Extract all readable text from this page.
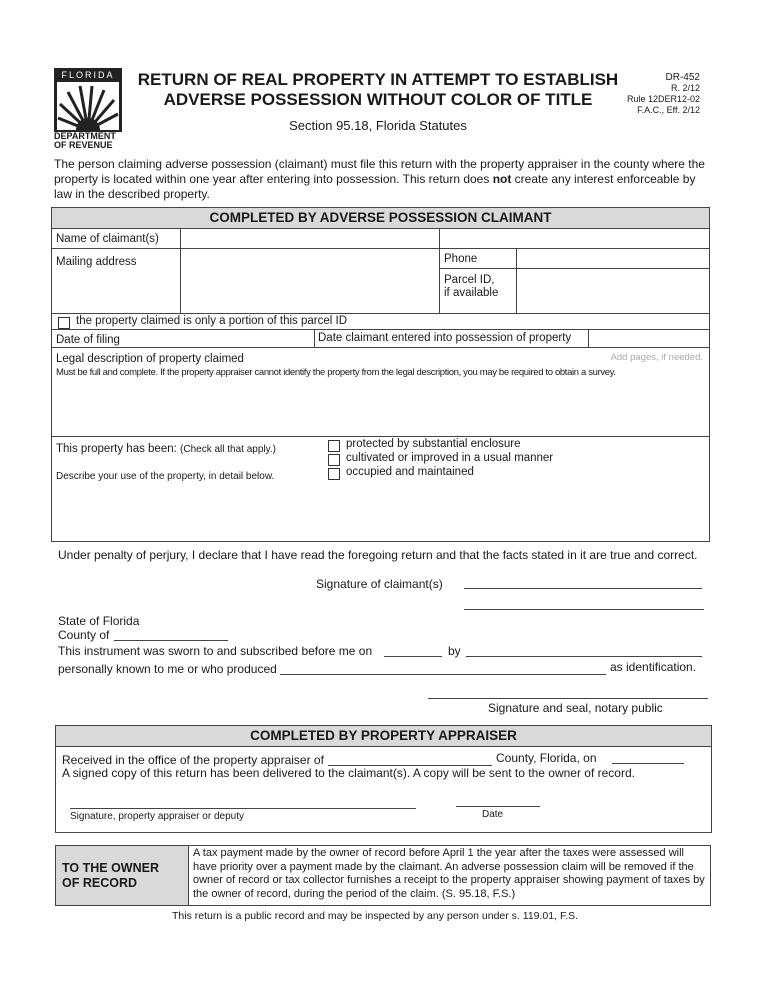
FLORIDA
DEPARTMENT
OF REVENUE
RETURN OF REAL PROPERTY IN ATTEMPT TO ESTABLISH
ADVERSE POSSESSION WITHOUT COLOR OF TITLE
Section 95.18, Florida Statutes
DR-452
R. 2/12
Rule 12DER12-02
F.A.C., Eff. 2/12
The person claiming adverse possession (claimant) must file this return with the property appraiser in the county where the property is located within one year after entering into possession. This return does not create any interest enforceable by law in the described property.
COMPLETED BY ADVERSE POSSESSION CLAIMANT
Name of claimant(s)
Mailing address	Phone
Parcel ID,
if available
the property claimed is only a portion of this parcel ID
Date of filing	Date claimant entered into possession of property
Legal description of property claimed	Add pages, if needed.
Must be full and complete. If the property appraiser cannot identify the property from the legal description, you may be required to obtain a survey.
This property has been: (Check all that apply.)
Describe your use of the property, in detail below.
protected by substantial enclosure
cultivated or improved in a usual manner
occupied and maintained
Under penalty of perjury, I declare that I have read the foregoing return and that the facts stated in it are true and correct.
Signature of claimant(s)
State of Florida
County of
This instrument was sworn to and subscribed before me on	by
personally known to me or who produced	as identification.
Signature and seal, notary public
COMPLETED BY PROPERTY APPRAISER
Received in the office of the property appraiser of	County, Florida, on
A signed copy of this return has been delivered to the claimant(s). A copy will be sent to the owner of record.
Signature, property appraiser or deputy	Date
TO THE OWNER
OF RECORD
A tax payment made by the owner of record before April 1 the year after the taxes were assessed will have priority over a payment made by the claimant. An adverse possession claim will be removed if the owner of record or tax collector furnishes a receipt to the property appraiser showing payment of taxes by the owner of record, during the period of the claim. (S. 95.18, F.S.)
This return is a public record and may be inspected by any person under s. 119.01, F.S.
